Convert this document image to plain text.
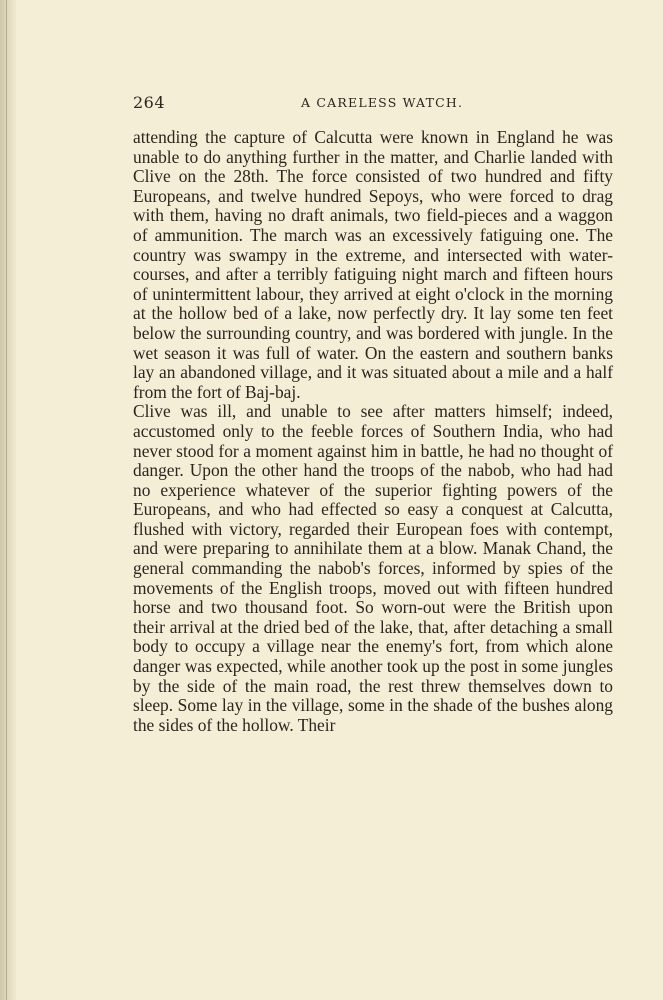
264	A CARELESS WATCH.

attending the capture of Calcutta were known in England he was unable to do anything further in the matter, and Charlie landed with Clive on the 28th. The force consisted of two hundred and fifty Europeans, and twelve hundred Sepoys, who were forced to drag with them, having no draft animals, two field-pieces and a waggon of ammunition. The march was an excessively fatiguing one. The country was swampy in the extreme, and intersected with water-courses, and after a terribly fatiguing night march and fifteen hours of unintermittent labour, they arrived at eight o'clock in the morning at the hollow bed of a lake, now perfectly dry. It lay some ten feet below the surrounding country, and was bordered with jungle. In the wet season it was full of water. On the eastern and southern banks lay an abandoned village, and it was situated about a mile and a half from the fort of Baj-baj.

Clive was ill, and unable to see after matters himself; indeed, accustomed only to the feeble forces of Southern India, who had never stood for a moment against him in battle, he had no thought of danger. Upon the other hand the troops of the nabob, who had had no experience whatever of the superior fighting powers of the Europeans, and who had effected so easy a conquest at Calcutta, flushed with victory, regarded their European foes with contempt, and were preparing to annihilate them at a blow. Manak Chand, the general commanding the nabob's forces, informed by spies of the movements of the English troops, moved out with fifteen hundred horse and two thousand foot. So worn-out were the British upon their arrival at the dried bed of the lake, that, after detaching a small body to occupy a village near the enemy's fort, from which alone danger was expected, while another took up the post in some jungles by the side of the main road, the rest threw themselves down to sleep. Some lay in the village, some in the shade of the bushes along the sides of the hollow. Their
